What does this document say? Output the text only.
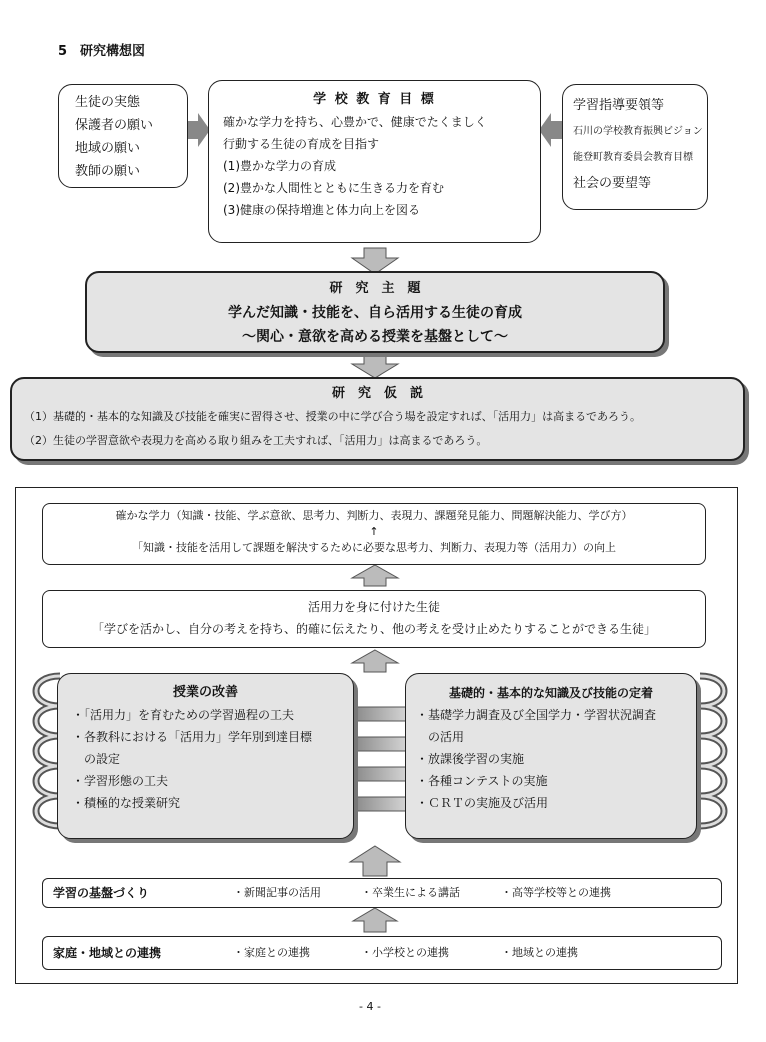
5　研究構想図
生徒の実態
保護者の願い
地域の願い
教師の願い
学 校 教 育 目 標
確かな学力を持ち、心豊かで、健康でたくましく
行動する生徒の育成を目指す
(1)豊かな学力の育成
(2)豊かな人間性とともに生きる力を育む
(3)健康の保持増進と体力向上を図る
学習指導要領等
石川の学校教育振興ビジョン
能登町教育委員会教育目標
社会の要望等
研　究　主　題
学んだ知識・技能を、自ら活用する生徒の育成
～関心・意欲を高める授業を基盤として～
研　究　仮　説
（1）基礎的・基本的な知識及び技能を確実に習得させ、授業の中に学び合う場を設定すれば、「活用力」は高まるであろう。
（2）生徒の学習意欲や表現力を高める取り組みを工夫すれば、「活用力」は高まるであろう。
確かな学力（知識・技能、学ぶ意欲、思考力、判断力、表現力、課題発見能力、問題解決能力、学び方）
↑
「知識・技能を活用して課題を解決するために必要な思考力、判断力、表現力等（活用力）の向上
活用力を身に付けた生徒
「学びを活かし、自分の考えを持ち、的確に伝えたり、他の考えを受け止めたりすることができる生徒」
授業の改善
・「活用力」を育むための学習過程の工夫
・各教科における「活用力」学年別到達目標
　の設定
・学習形態の工夫
・積極的な授業研究
基礎的・基本的な知識及び技能の定着
・基礎学力調査及び全国学力・学習状況調査
　の活用
・放課後学習の実施
・各種コンテストの実施
・ＣＲＴの実施及び活用
学習の基盤づくり	・新聞記事の活用	・卒業生による講話	・高等学校等との連携
家庭・地域との連携	・家庭との連携	・小学校との連携	・地域との連携
- 4 -
